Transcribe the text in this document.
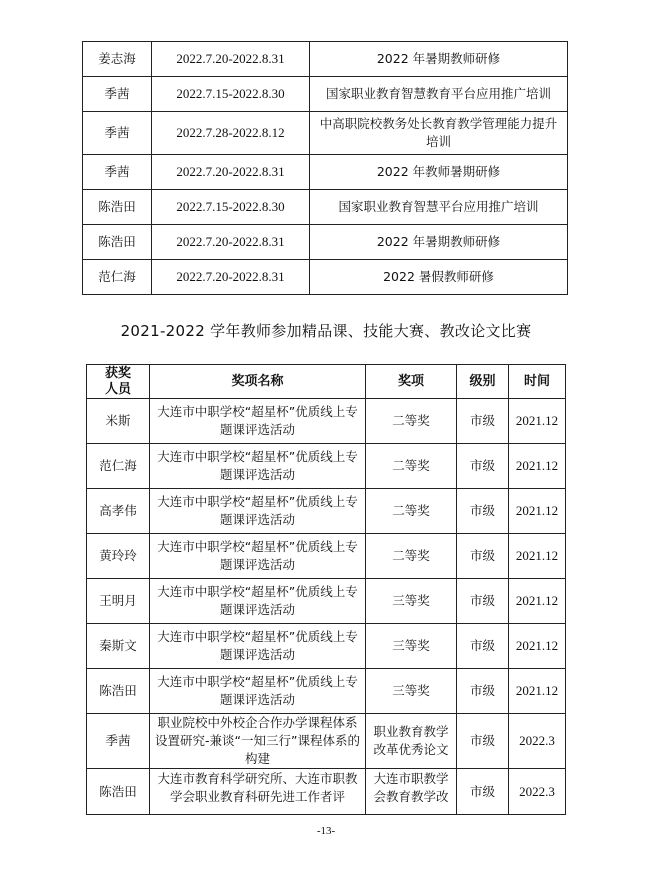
姜志海	2022.7.20-2022.8.31	2022 年暑期教师研修
季茜	2022.7.15-2022.8.30	国家职业教育智慧教育平台应用推广培训
季茜	2022.7.28-2022.8.12	中高职院校教务处长教育教学管理能力提升培训
季茜	2022.7.20-2022.8.31	2022 年教师暑期研修
陈浩田	2022.7.15-2022.8.30	国家职业教育智慧平台应用推广培训
陈浩田	2022.7.20-2022.8.31	2022 年暑期教师研修
范仁海	2022.7.20-2022.8.31	2022 暑假教师研修
2021-2022 学年教师参加精品课、技能大赛、教改论文比赛
获奖人员	奖项名称	奖项	级别	时间
米斯	大连市中职学校“超星杯”优质线上专题课评选活动	二等奖	市级	2021.12
范仁海	大连市中职学校“超星杯”优质线上专题课评选活动	二等奖	市级	2021.12
高孝伟	大连市中职学校“超星杯”优质线上专题课评选活动	二等奖	市级	2021.12
黄玲玲	大连市中职学校“超星杯”优质线上专题课评选活动	二等奖	市级	2021.12
王明月	大连市中职学校“超星杯”优质线上专题课评选活动	三等奖	市级	2021.12
秦斯文	大连市中职学校“超星杯”优质线上专题课评选活动	三等奖	市级	2021.12
陈浩田	大连市中职学校“超星杯”优质线上专题课评选活动	三等奖	市级	2021.12
季茜	职业院校中外校企合作办学课程体系设置研究-兼谈“一知三行”课程体系的构建	职业教育教学改革优秀论文	市级	2022.3
陈浩田	大连市教育科学研究所、大连市职教学会职业教育科研先进工作者评	大连市职教学会教育教学改	市级	2022.3
-13-
